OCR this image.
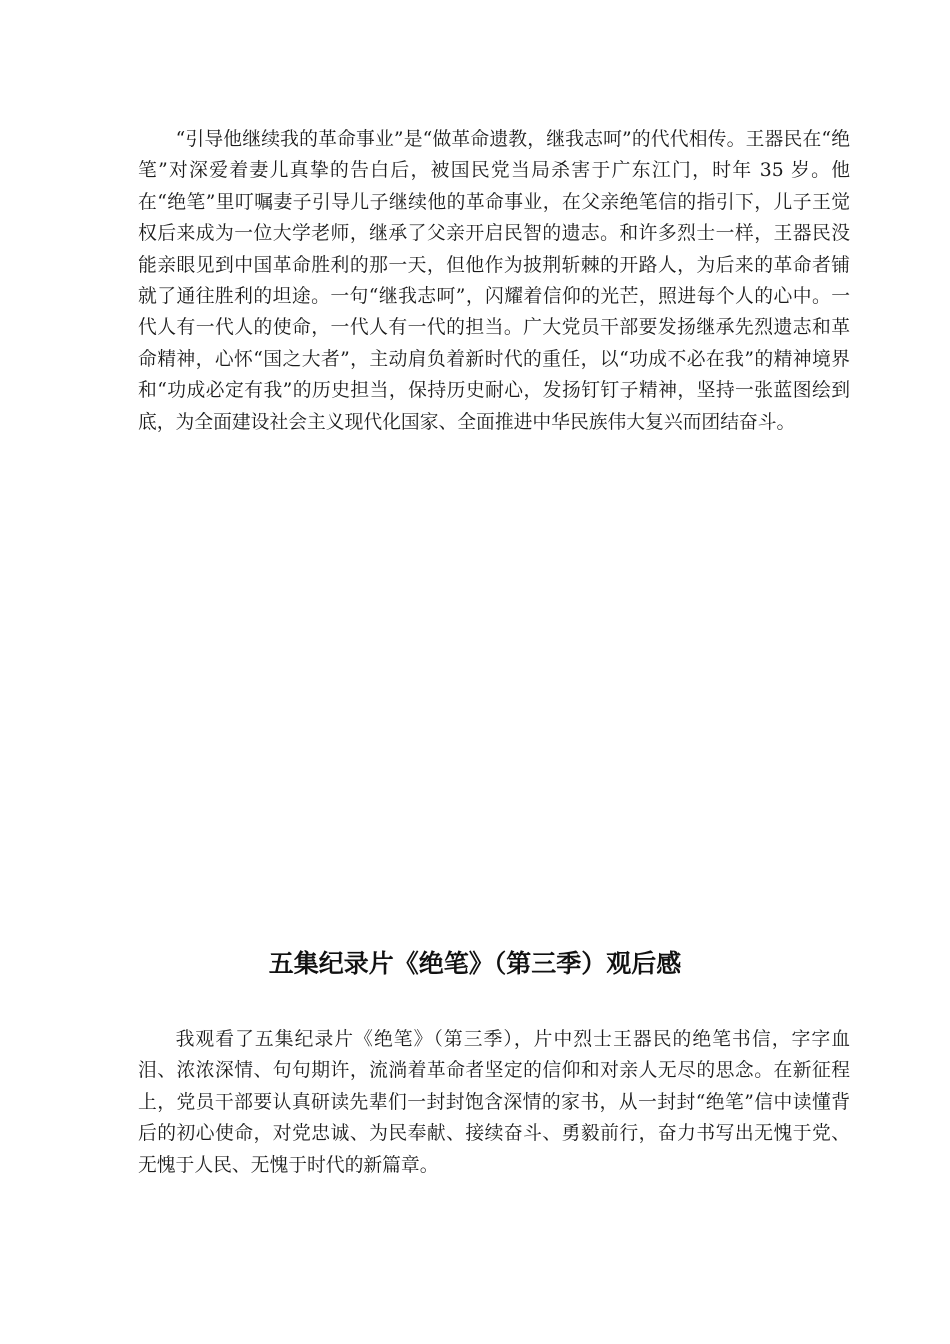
“引导他继续我的革命事业”是“做革命遗教，继我志呵”的代代相传。王器民在“绝笔”对深爱着妻儿真挚的告白后，被国民党当局杀害于广东江门，时年 35 岁。他在“绝笔”里叮嘱妻子引导儿子继续他的革命事业，在父亲绝笔信的指引下，儿子王觉权后来成为一位大学老师，继承了父亲开启民智的遗志。和许多烈士一样，王器民没能亲眼见到中国革命胜利的那一天，但他作为披荆斩棘的开路人，为后来的革命者铺就了通往胜利的坦途。一句“继我志呵”，闪耀着信仰的光芒，照进每个人的心中。一代人有一代人的使命，一代人有一代的担当。广大党员干部要发扬继承先烈遗志和革命精神，心怀“国之大者”，主动肩负着新时代的重任，以“功成不必在我”的精神境界和“功成必定有我”的历史担当，保持历史耐心，发扬钉钉子精神，坚持一张蓝图绘到底，为全面建设社会主义现代化国家、全面推进中华民族伟大复兴而团结奋斗。

五集纪录片《绝笔》（第三季）观后感

我观看了五集纪录片《绝笔》（第三季），片中烈士王器民的绝笔书信，字字血泪、浓浓深情、句句期许，流淌着革命者坚定的信仰和对亲人无尽的思念。在新征程上，党员干部要认真研读先辈们一封封饱含深情的家书，从一封封“绝笔”信中读懂背后的初心使命，对党忠诚、为民奉献、接续奋斗、勇毅前行，奋力书写出无愧于党、无愧于人民、无愧于时代的新篇章。
